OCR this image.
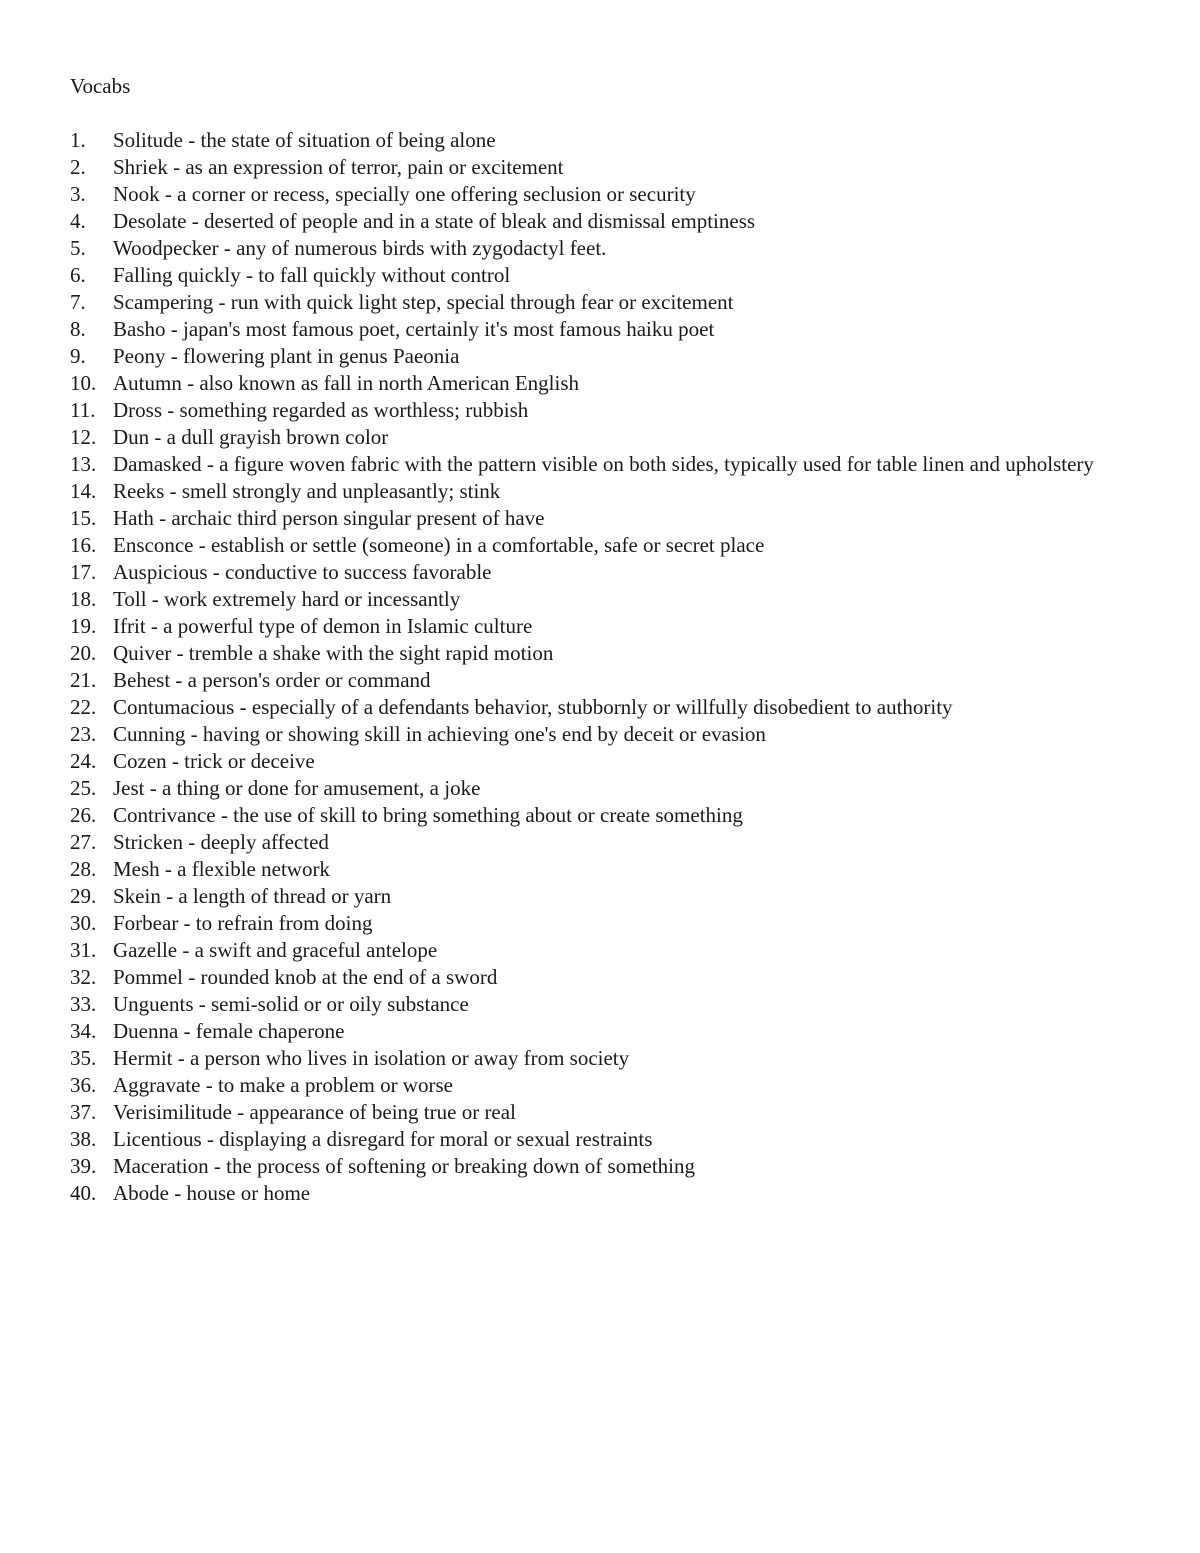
Vocabs
1.	Solitude - the state of situation of being alone
2.	Shriek - as an expression of terror, pain or excitement
3.	Nook - a corner or recess, specially one offering seclusion or security
4.	Desolate - deserted of people and in a state of bleak and dismissal emptiness
5.	Woodpecker - any of numerous birds with zygodactyl feet.
6.	Falling quickly - to fall quickly without control
7.	Scampering - run with quick light step, special through fear or excitement
8.	Basho - japan's most famous poet, certainly it's most famous haiku poet
9.	Peony - flowering plant in genus Paeonia
10. Autumn - also known as fall in north American English
11. Dross - something regarded as worthless; rubbish
12. Dun - a dull grayish brown color
13. Damasked - a figure woven fabric with the pattern visible on both sides, typically used for table linen and upholstery
14. Reeks - smell strongly and unpleasantly; stink
15. Hath - archaic third person singular present of have
16. Ensconce - establish or settle (someone) in a comfortable, safe or secret place
17. Auspicious - conductive to success favorable
18. Toll - work extremely hard or incessantly
19. Ifrit - a powerful type of demon in Islamic culture
20. Quiver - tremble a shake with the sight rapid motion
21. Behest - a person's order or command
22. Contumacious - especially of a defendants behavior, stubbornly or willfully disobedient to authority
23. Cunning - having or showing skill in achieving one's end by deceit or evasion
24. Cozen - trick or deceive
25. Jest - a thing or done for amusement, a joke
26. Contrivance - the use of skill to bring something about or create something
27. Stricken - deeply affected
28. Mesh - a flexible network
29. Skein - a length of thread or yarn
30. Forbear - to refrain from doing
31. Gazelle - a swift and graceful antelope
32. Pommel - rounded knob at the end of a sword
33. Unguents - semi-solid or or oily substance
34. Duenna - female chaperone
35. Hermit - a person who lives in isolation or away from society
36. Aggravate - to make a problem or worse
37. Verisimilitude - appearance of being true or real
38. Licentious - displaying a disregard for moral or sexual restraints
39. Maceration - the process of softening or breaking down of something
40. Abode - house or home
